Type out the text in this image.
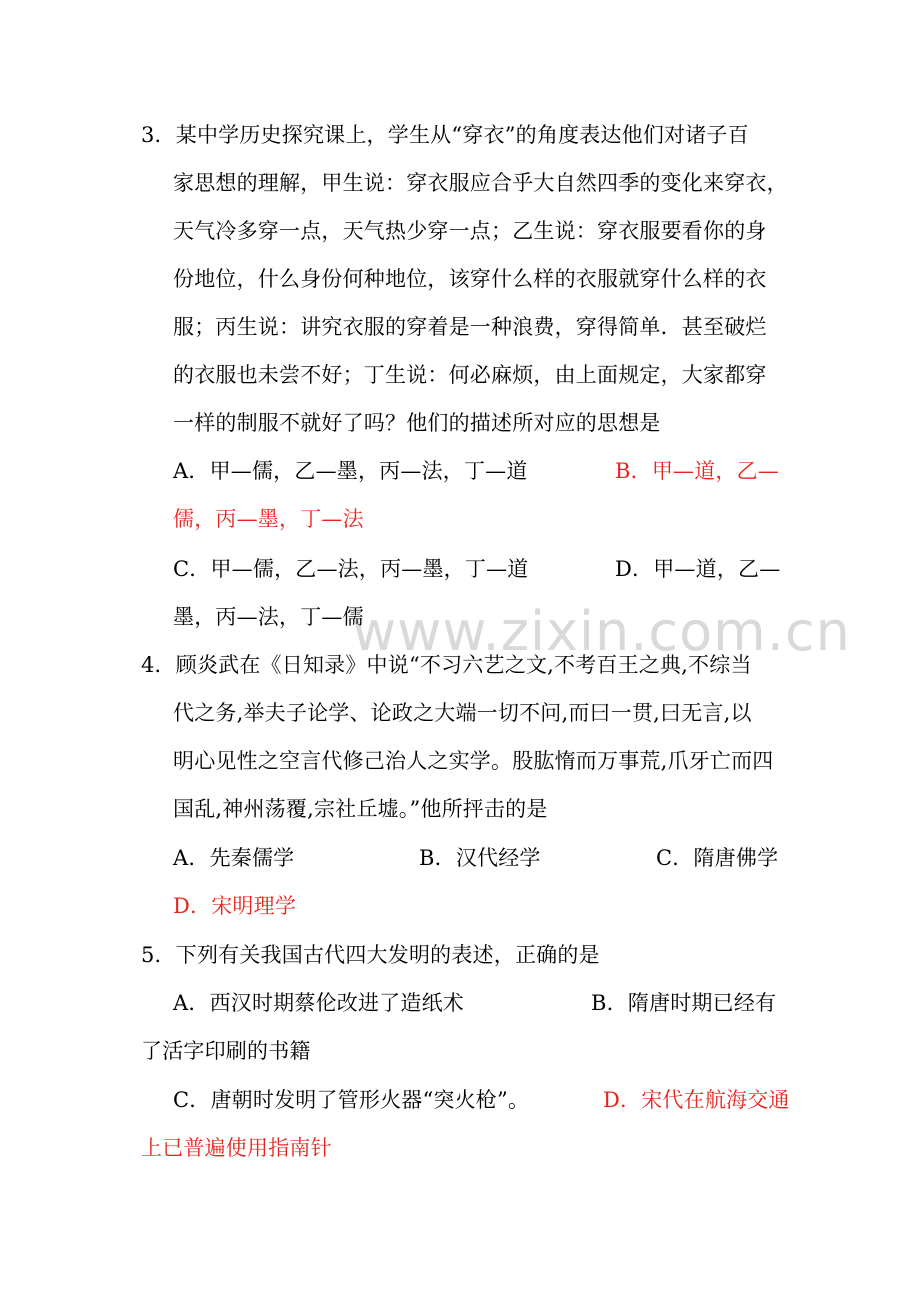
www.zixin.com.cn
3．某中学历史探究课上，学生从“穿衣”的角度表达他们对诸子百
家思想的理解，甲生说：穿衣服应合乎大自然四季的变化来穿衣，
天气冷多穿一点，天气热少穿一点；乙生说：穿衣服要看你的身
份地位，什么身份何种地位，该穿什么样的衣服就穿什么样的衣
服；丙生说：讲究衣服的穿着是一种浪费，穿得简单．甚至破烂
的衣服也未尝不好；丁生说：何必麻烦，由上面规定，大家都穿
一样的制服不就好了吗？他们的描述所对应的思想是
A．甲—儒，乙—墨，丙—法，丁—道	B．甲—道，乙—
儒，丙—墨，丁—法
C．甲—儒，乙—法，丙—墨，丁—道	D．甲—道，乙—
墨，丙—法，丁—儒
4．顾炎武在《日知录》中说“不习六艺之文,不考百王之典,不综当
代之务,举夫子论学、论政之大端一切不问,而曰一贯,曰无言,以
明心见性之空言代修己治人之实学。股肱惰而万事荒,爪牙亡而四
国乱,神州荡覆,宗社丘墟。”他所抨击的是
A．先秦儒学	B．汉代经学	C．隋唐佛学
D．宋明理学
5．下列有关我国古代四大发明的表述，正确的是
A．西汉时期蔡伦改进了造纸术	B．隋唐时期已经有
了活字印刷的书籍
C．唐朝时发明了管形火器“突火枪”。	D．宋代在航海交通
上已普遍使用指南针
